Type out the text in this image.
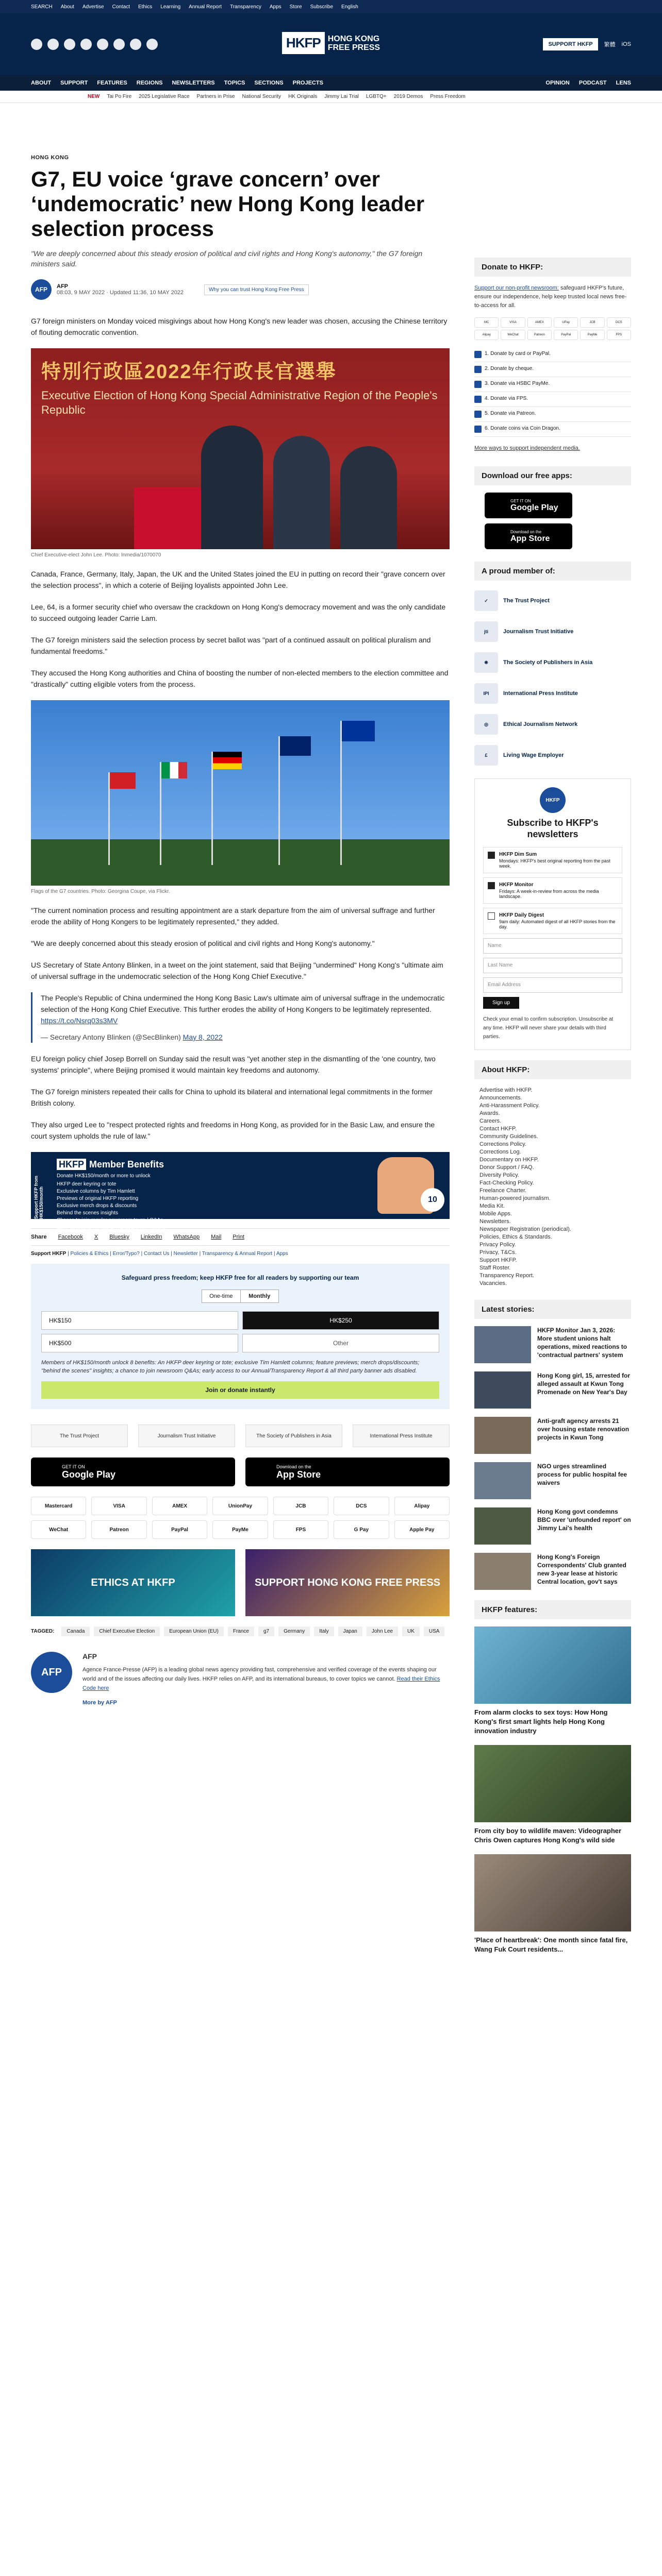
SEARCH About Advertise Contact Ethics Learning Annual Report Transparency Apps Store Subscribe English
HKFP HONG KONG
FREE PRESS	SUPPORT HKFP	繁體 iOS
ABOUT SUPPORT FEATURES REGIONS NEWSLETTERS TOPICS SECTIONS PROJECTS	OPINION PODCAST LENS
NEW Tai Po Fire 2025 Legislative Race Partners in Prise National Security HK Originals Jimmy Lai Trial LGBTQ+ 2019 Demos Press Freedom
HONG KONG
G7, EU voice ‘grave concern’ over ‘undemocratic’ new Hong Kong leader selection process
"We are deeply concerned about this steady erosion of political and civil rights and Hong Kong's autonomy," the G7 foreign ministers said.
AFP	AFP
08:03, 9 MAY 2022 · Updated 11:36, 10 MAY 2022	Why you can trust Hong Kong Free Press

G7 foreign ministers on Monday voiced misgivings about how Hong Kong's new leader was chosen, accusing the Chinese territory of flouting democratic convention.

特別行政區2022年行政長官選舉
Executive Election of Hong Kong Special Administrative Region of the People's Republic
Chief Executive-elect John Lee. Photo: Inmedia/1070070

Canada, France, Germany, Italy, Japan, the UK and the United States joined the EU in putting on record their "grave concern over the selection process", in which a coterie of Beijing loyalists appointed John Lee.

Lee, 64, is a former security chief who oversaw the crackdown on Hong Kong's democracy movement and was the only candidate to succeed outgoing leader Carrie Lam.

The G7 foreign ministers said the selection process by secret ballot was "part of a continued assault on political pluralism and fundamental freedoms."

They accused the Hong Kong authorities and China of boosting the number of non-elected members to the election committee and "drastically" cutting eligible voters from the process.

Flags of the G7 countries. Photo: Georgina Coupe, via Flickr.

"The current nomination process and resulting appointment are a stark departure from the aim of universal suffrage and further erode the ability of Hong Kongers to be legitimately represented," they added.

"We are deeply concerned about this steady erosion of political and civil rights and Hong Kong's autonomy."

US Secretary of State Antony Blinken, in a tweet on the joint statement, said that Beijing "undermined" Hong Kong's "ultimate aim of universal suffrage in the undemocratic selection of the Hong Kong Chief Executive."

The People's Republic of China undermined the Hong Kong Basic Law's ultimate aim of universal suffrage in the undemocratic selection of the Hong Kong Chief Executive. This further erodes the ability of Hong Kongers to be legitimately represented. https://t.co/Nsrq03s3MV
— Secretary Antony Blinken (@SecBlinken) May 8, 2022

EU foreign policy chief Josep Borrell on Sunday said the result was "yet another step in the dismantling of the 'one country, two systems' principle", where Beijing promised it would maintain key freedoms and autonomy.

The G7 foreign ministers repeated their calls for China to uphold its bilateral and international legal commitments in the former British colony.

They also urged Lee to "respect protected rights and freedoms in Hong Kong, as provided for in the Basic Law, and ensure the court system upholds the rule of law."

Support HKFP from HK$150/month
HKFP Member Benefits
Donate HK$150/month or more to unlock
HKFP deer keyring or tote
Exclusive columns by Tim Hamlett
Previews of original HKFP reporting
Exclusive merch drops & discounts
Behind the scenes insights
Chance to join regular newsroom tours / Q&As
Early access to Annual & Transparency Reports
10
Share Facebook X Bluesky LinkedIn WhatsApp Mail Print
Support HKFP | Policies & Ethics | Error/Typo? | Contact Us | Newsletter | Transparency & Annual Report | Apps
Safeguard press freedom; keep HKFP free for all readers by supporting our team
One-time	Monthly
HK$150	HK$250
HK$500	Other
Members of HK$150/month unlock 8 benefits: An HKFP deer keyring or tote; exclusive Tim Hamlett columns; feature previews; merch drops/discounts; "behind the scenes" insights; a chance to join newsroom Q&As; early access to our Annual/Transparency Report & all third party banner ads disabled.
Join or donate instantly
The Trust Project	Journalism Trust Initiative	The Society of Publishers in Asia	International Press Institute
GET IT ON
Google Play
Download on the
App Store
Mastercard	VISA	AMEX	UnionPay	JCB	DCS	Alipay
WeChat	Patreon	PayPal	PayMe	FPS	G Pay	Apple Pay
ETHICS AT HKFP	SUPPORT HONG KONG FREE PRESS
TAGGED:	Canada	Chief Executive Election	European Union (EU)	France	g7	Germany	Italy	Japan	John Lee	UK	USA
AFP
AFP
Agence France-Presse (AFP) is a leading global news agency providing fast, comprehensive and verified coverage of the events shaping our world and of the issues affecting our daily lives. HKFP relies on AFP, and its international bureaus, to cover topics we cannot. Read their Ethics Code here
More by AFP
Donate to HKFP:

Support our non-profit newsroom: safeguard HKFP's future, ensure our independence, help keep trusted local news free-to-access for all.

MC	VISA	AMEX	UPay	JCB	DCS
Alipay	WeChat	Patreon	PayPal	PayMe	FPS
1. Donate by card or PayPal.
2. Donate by cheque.
3. Donate via HSBC PayMe.
4. Donate via FPS.
5. Donate via Patreon.
6. Donate coins via Coin Dragon.

More ways to support independent media.

Download our free apps:
GET IT ON
Google Play
Download on the
App Store
A proud member of:
✓	The Trust Project
jti	Journalism Trust Initiative
❋	The Society of Publishers in Asia
IPI	International Press Institute
◎	Ethical Journalism Network
£	Living Wage Employer
HKFP
Subscribe to HKFP's newsletters
HKFP Dim Sum
Mondays: HKFP's best original reporting from the past week.
HKFP Monitor
Fridays: A week-in-review from across the media landscape.
HKFP Daily Digest
9am daily: Automated digest of all HKFP stories from the day.
Name
Last Name
Email Address
Sign up

Check your email to confirm subscription. Unsubscribe at any time. HKFP will never share your details with third parties.

About HKFP:
Advertise with HKFP.
Announcements.
Anti-Harassment Policy.
Awards.
Careers.
Contact HKFP.
Community Guidelines.
Corrections Policy.
Corrections Log.
Documentary on HKFP.
Donor Support / FAQ.
Diversity Policy.
Fact-Checking Policy.
Freelance Charter.
Human-powered journalism.
Media Kit.
Mobile Apps.
Newsletters.
Newspaper Registration (periodical).
Policies, Ethics & Standards.
Privacy Policy.
Privacy, T&Cs.
Support HKFP.
Staff Roster.
Transparency Report.
Vacancies.
Latest stories:
HKFP Monitor Jan 3, 2026: More student unions halt operations, mixed reactions to 'contractual partners' system
Hong Kong girl, 15, arrested for alleged assault at Kwun Tong Promenade on New Year's Day
Anti-graft agency arrests 21 over housing estate renovation projects in Kwun Tong
NGO urges streamlined process for public hospital fee waivers
Hong Kong govt condemns BBC over 'unfounded report' on Jimmy Lai's health
Hong Kong's Foreign Correspondents' Club granted new 3-year lease at historic Central location, gov't says
HKFP features:
From alarm clocks to sex toys: How Hong Kong's first smart lights help Hong Kong innovation industry
From city boy to wildlife maven: Videographer Chris Owen captures Hong Kong's wild side
'Place of heartbreak': One month since fatal fire, Wang Fuk Court residents...
